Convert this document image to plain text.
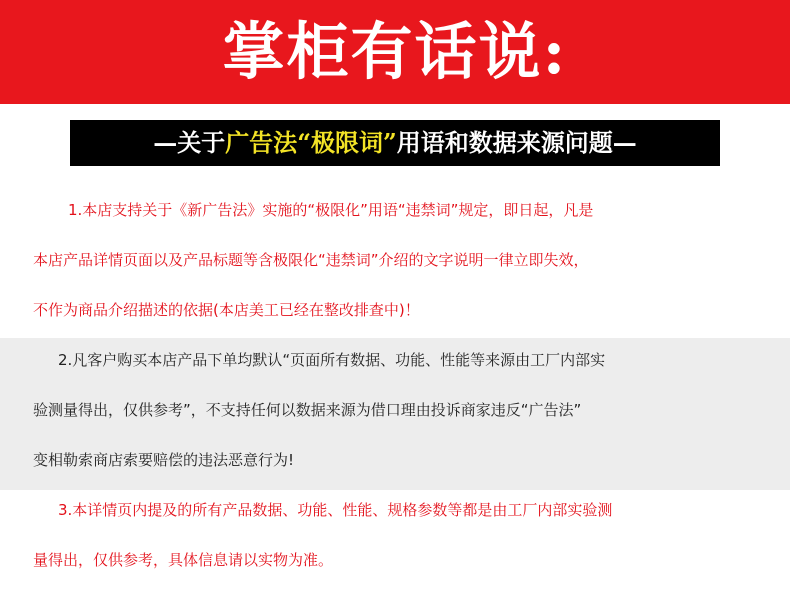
掌柜有话说:
—关于广告法“极限词”用语和数据来源问题—
1.本店支持关于《新广告法》实施的“极限化”用语“违禁词”规定，即日起，凡是
本店产品详情页面以及产品标题等含极限化“违禁词”介绍的文字说明一律立即失效，
不作为商品介绍描述的依据(本店美工已经在整改排查中)！
2.凡客户购买本店产品下单均默认“页面所有数据、功能、性能等来源由工厂内部实
验测量得出，仅供参考”，不支持任何以数据来源为借口理由投诉商家违反“广告法”
变相勒索商店索要赔偿的违法恶意行为!
3.本详情页内提及的所有产品数据、功能、性能、规格参数等都是由工厂内部实验测
量得出，仅供参考，具体信息请以实物为准。
